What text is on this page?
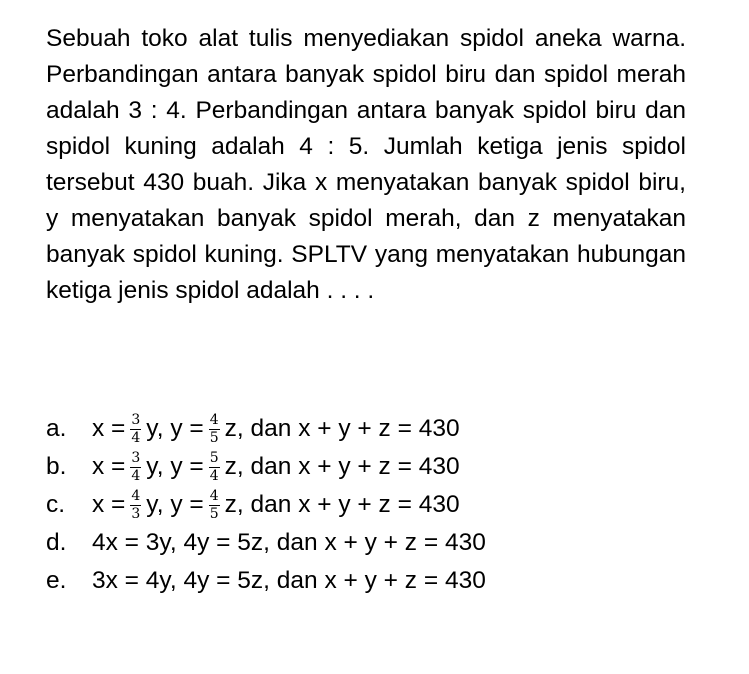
Sebuah toko alat tulis menyediakan spidol aneka warna. Perbandingan antara banyak spidol biru dan spidol merah adalah 3 : 4. Perbandingan antara banyak spidol biru dan spidol kuning adalah 4 : 5. Jumlah ketiga jenis spidol tersebut 430 buah. Jika x menyatakan banyak spidol biru, y menyatakan banyak spidol merah, dan z menyatakan banyak spidol kuning. SPLTV yang menyatakan hubungan ketiga jenis spidol adalah . . . .

a.	$x = \frac{3}{4} y$, $y = \frac{4}{5} z$, dan x + y + z = 430
b.	$x = \frac{3}{4} y$, $y = \frac{5}{4} z$, dan x + y + z = 430
c.	$x = \frac{4}{3} y$, $y = \frac{4}{5} z$, dan x + y + z = 430
d.	4x = 3y, 4y = 5z, dan x + y + z = 430
e.	3x = 4y, 4y = 5z, dan x + y + z = 430
